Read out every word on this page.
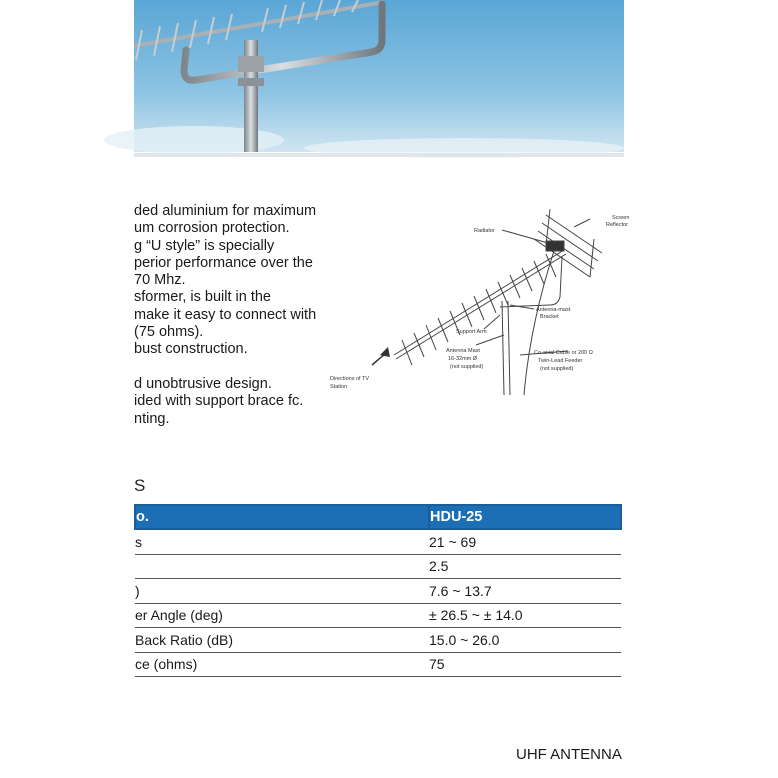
ded aluminium for maximum
um corrosion protection.
g “U style” is specially
perior performance over the
70 Mhz.
sformer, is built in the
make it easy to connect with
(75 ohms).
bust construction.
d unobtrusive design.
ided with support brace fc.
nting.
Screen
Reflector
Radiator
Antenna-mast
Bracket
Support Arm
Antenna Mast
16-32mm Ø
(not supplied)
Co-axial Cable or 200 Ω
Twin-Lead Feeder
(not supplied)
Directions of TV
Station
S
o.	HDU-25
s	21 ~ 69
	2.5
)	7.6 ~ 13.7
er Angle (deg)	± 26.5 ~ ± 14.0
Back Ratio (dB)	15.0 ~ 26.0
ce (ohms)	75
UHF ANTENNA
